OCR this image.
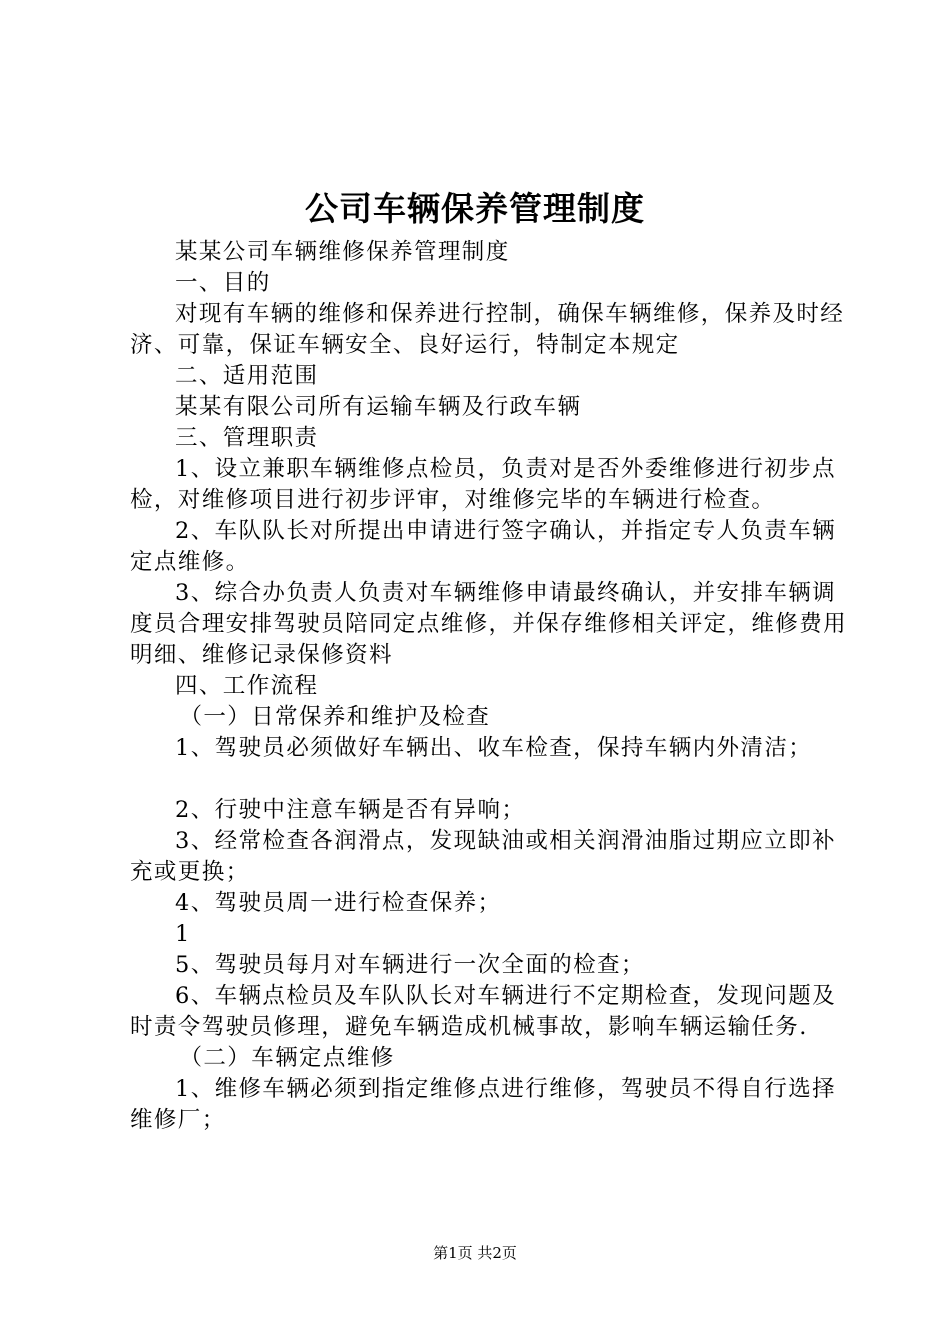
公司车辆保养管理制度

某某公司车辆维修保养管理制度

一、目的

对现有车辆的维修和保养进行控制，确保车辆维修，保养及时经济、可靠，保证车辆安全、良好运行，特制定本规定

二、适用范围

某某有限公司所有运输车辆及行政车辆

三、管理职责

1、设立兼职车辆维修点检员，负责对是否外委维修进行初步点检，对维修项目进行初步评审，对维修完毕的车辆进行检查。

2、车队队长对所提出申请进行签字确认，并指定专人负责车辆定点维修。

3、综合办负责人负责对车辆维修申请最终确认，并安排车辆调度员合理安排驾驶员陪同定点维修，并保存维修相关评定，维修费用明细、维修记录保修资料

四、工作流程

（一）日常保养和维护及检查

1、驾驶员必须做好车辆出、收车检查，保持车辆内外清洁；

2、行驶中注意车辆是否有异响；

3、经常检查各润滑点，发现缺油或相关润滑油脂过期应立即补充或更换；

4、驾驶员周一进行检查保养；

1

5、驾驶员每月对车辆进行一次全面的检查；

6、车辆点检员及车队队长对车辆进行不定期检查，发现问题及时责令驾驶员修理，避免车辆造成机械事故，影响车辆运输任务.

（二）车辆定点维修

1、维修车辆必须到指定维修点进行维修，驾驶员不得自行选择维修厂；

第1页 共2页
